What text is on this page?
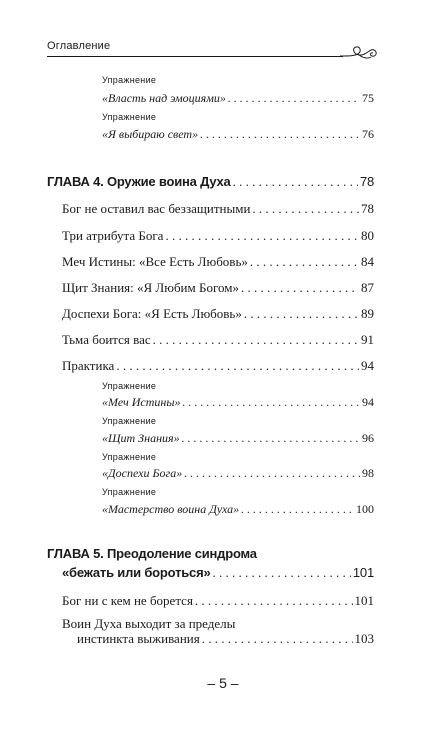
Оглавление
Упражнение
«Власть над эмоциями» . . .	75
Упражнение
«Я выбираю свет» . . .	76
ГЛАВА 4. Оружие воина Духа . . .	78
Бог не оставил вас беззащитными . . .	78
Три атрибута Бога . . .	80
Меч Истины: «Все Есть Любовь» . . .	84
Щит Знания: «Я Любим Богом» . . .	87
Доспехи Бога: «Я Есть Любовь» . . .	89
Тьма боится вас . . .	91
Практика . . .	94
Упражнение
«Меч Истины» . . .	94
Упражнение
«Щит Знания» . . .	96
Упражнение
«Доспехи Бога» . . .	98
Упражнение
«Мастерство воина Духа» . . .	100
ГЛАВА 5. Преодоление синдрома
«бежать или бороться» . . .	101
Бог ни с кем не борется . . .	101
Воин Духа выходит за пределы
инстинкта выживания . . .	103
– 5 –
